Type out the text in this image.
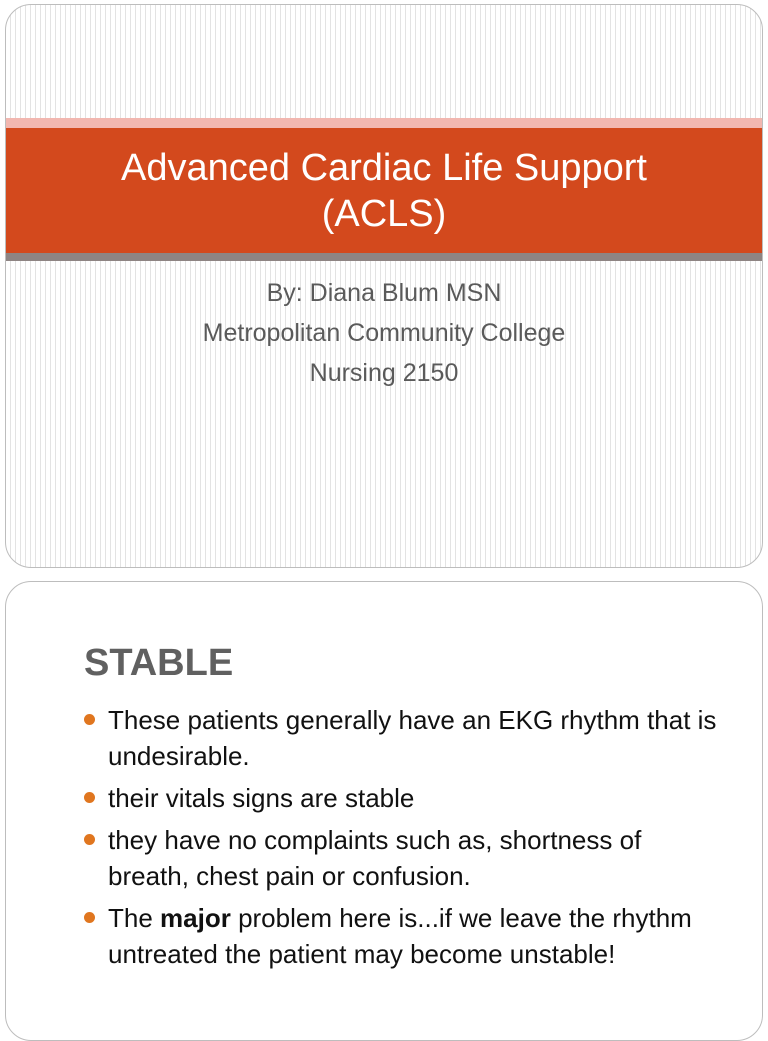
Advanced Cardiac Life Support
(ACLS)
By: Diana Blum MSN
Metropolitan Community College
Nursing 2150
STABLE
These patients generally have an EKG rhythm that is undesirable.
their vitals signs are stable
they have no complaints such as, shortness of breath, chest pain or confusion.
The major problem here is...if we leave the rhythm untreated the patient may become unstable!
